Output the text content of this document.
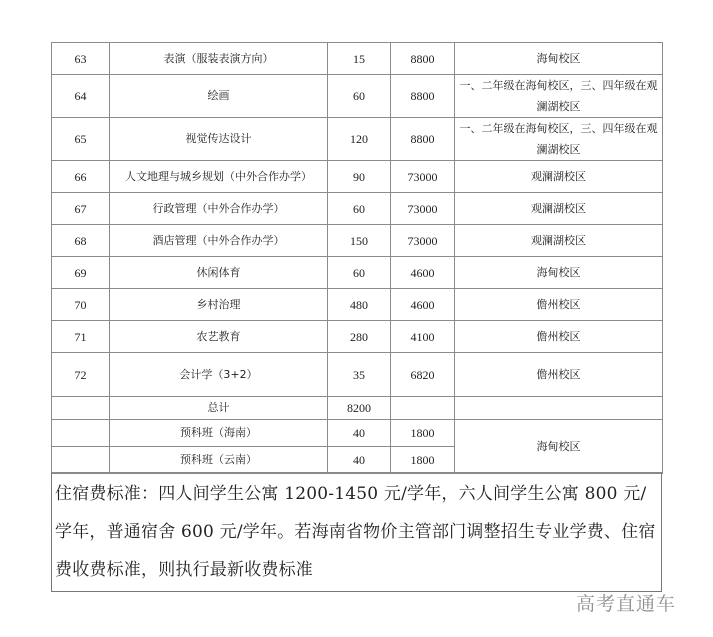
63	表演（服装表演方向）	15	8800	海甸校区
64	绘画	60	8800	一、二年级在海甸校区，三、四年级在观澜湖校区
65	视觉传达设计	120	8800	一、二年级在海甸校区，三、四年级在观澜湖校区
66	人文地理与城乡规划（中外合作办学）	90	73000	观澜湖校区
67	行政管理（中外合作办学）	60	73000	观澜湖校区
68	酒店管理（中外合作办学）	150	73000	观澜湖校区
69	休闲体育	60	4600	海甸校区
70	乡村治理	480	4600	儋州校区
71	农艺教育	280	4100	儋州校区
72	会计学（3+2）	35	6820	儋州校区
	总计	8200		
	预科班（海南）	40	1800	海甸校区
	预科班（云南）	40	1800	
住宿费标准：四人间学生公寓 1200-1450 元/学年，六人间学生公寓 800 元/学年，普通宿舍 600 元/学年。若海南省物价主管部门调整招生专业学费、住宿费收费标准，则执行最新收费标准
高考直通车
